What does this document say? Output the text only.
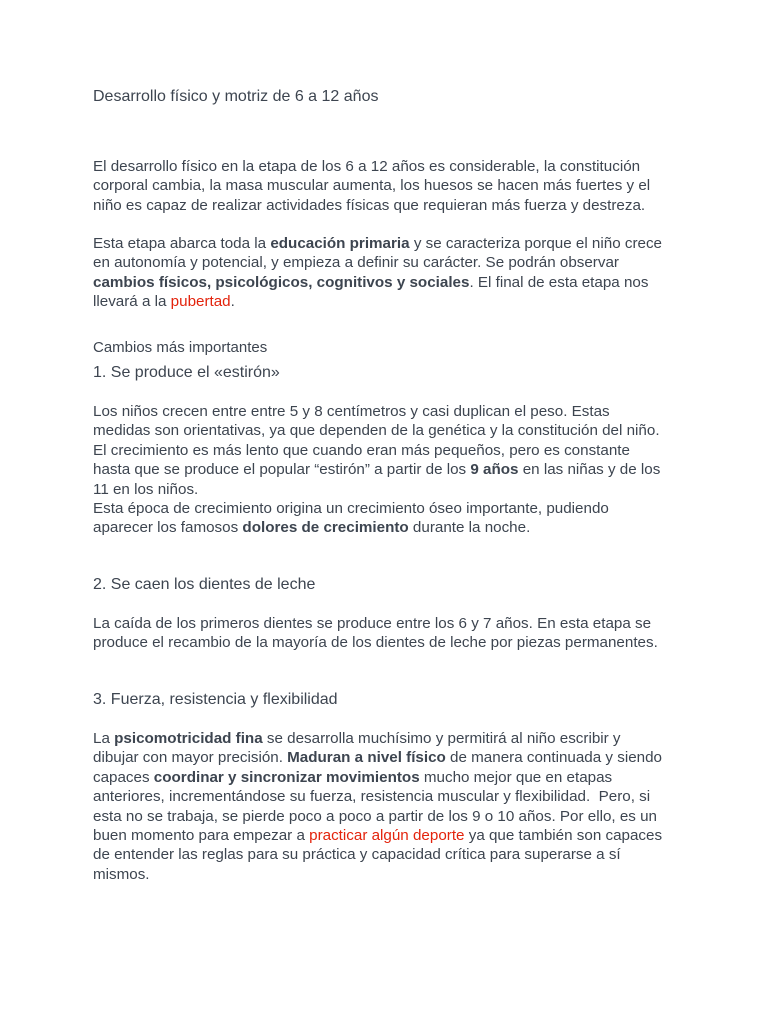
Desarrollo físico y motriz de 6 a 12 años

El desarrollo físico en la etapa de los 6 a 12 años es considerable, la constitución
corporal cambia, la masa muscular aumenta, los huesos se hacen más fuertes y el
niño es capaz de realizar actividades físicas que requieran más fuerza y destreza.

Esta etapa abarca toda la educación primaria y se caracteriza porque el niño crece
en autonomía y potencial, y empieza a definir su carácter. Se podrán observar
cambios físicos, psicológicos, cognitivos y sociales. El final de esta etapa nos
llevará a la pubertad.

Cambios más importantes
1. Se produce el «estirón»

Los niños crecen entre entre 5 y 8 centímetros y casi duplican el peso. Estas
medidas son orientativas, ya que dependen de la genética y la constitución del niño.
El crecimiento es más lento que cuando eran más pequeños, pero es constante
hasta que se produce el popular “estirón” a partir de los 9 años en las niñas y de los
11 en los niños.
Esta época de crecimiento origina un crecimiento óseo importante, pudiendo
aparecer los famosos dolores de crecimiento durante la noche.

2. Se caen los dientes de leche

La caída de los primeros dientes se produce entre los 6 y 7 años. En esta etapa se
produce el recambio de la mayoría de los dientes de leche por piezas permanentes.

3. Fuerza, resistencia y flexibilidad

La psicomotricidad fina se desarrolla muchísimo y permitirá al niño escribir y
dibujar con mayor precisión. Maduran a nivel físico de manera continuada y siendo
capaces coordinar y sincronizar movimientos mucho mejor que en etapas
anteriores, incrementándose su fuerza, resistencia muscular y flexibilidad.  Pero, si
esta no se trabaja, se pierde poco a poco a partir de los 9 o 10 años. Por ello, es un
buen momento para empezar a practicar algún deporte ya que también son capaces
de entender las reglas para su práctica y capacidad crítica para superarse a sí
mismos.
